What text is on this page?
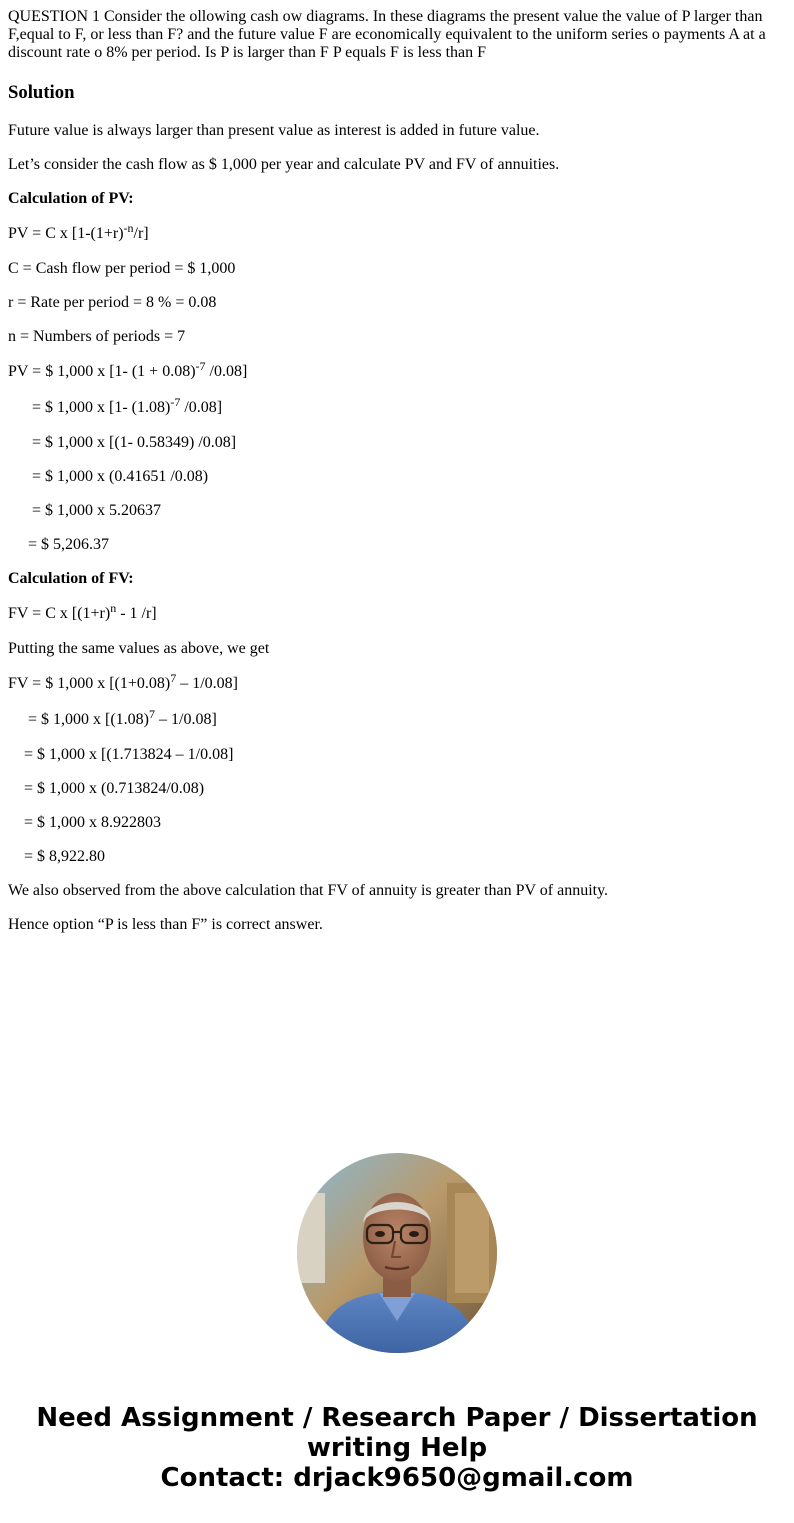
QUESTION 1 Consider the ollowing cash ow diagrams. In these diagrams the present value the value of P larger than F,equal to F, or less than F? and the future value F are economically equivalent to the uniform series o payments A at a discount rate o 8% per period. Is P is larger than F P equals F is less than F

Solution

Future value is always larger than present value as interest is added in future value.

Let’s consider the cash flow as $ 1,000 per year and calculate PV and FV of annuities.

Calculation of PV:

PV = C x $[1-(1+r)^{-n}/r]$

C = Cash flow per period = $ 1,000

r = Rate per period = 8 % = 0.08

n = Numbers of periods = 7

PV = $ 1,000 x [1- $(1 + 0.08)^{-7}$ /0.08]

= $ 1,000 x [1- $(1.08)^{-7}$ /0.08]

= $ 1,000 x [(1- 0.58349) /0.08]

= $ 1,000 x (0.41651 /0.08)

= $ 1,000 x 5.20637

= $ 5,206.37

Calculation of FV:

FV = C x [$(1+r)^n - 1$ /r]

Putting the same values as above, we get

FV = $ 1,000 x $[(1+0.08)^7 - 1/0.08]$

= $ 1,000 x $[(1.08)^7 - 1/0.08]$

= $ 1,000 x [(1.713824 – 1/0.08]

= $ 1,000 x (0.713824/0.08)

= $ 1,000 x 8.922803

= $ 8,922.80

We also observed from the above calculation that FV of annuity is greater than PV of annuity.

Hence option “P is less than F” is correct answer.

Need Assignment / Research Paper / Dissertation
writing Help
Contact: drjack9650@gmail.com
